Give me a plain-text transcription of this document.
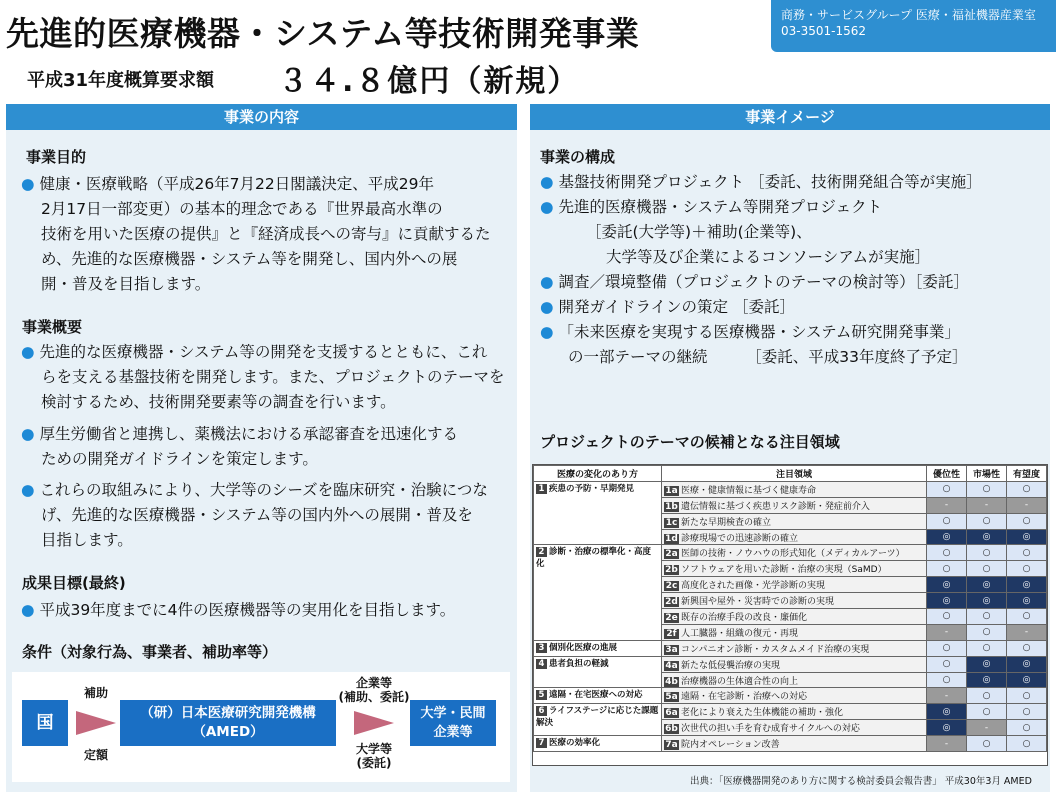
先進的医療機器・システム等技術開発事業
平成31年度概算要求額 ３４.８億円（新規）
商務・サービスグループ 医療・福祉機器産業室
03-3501-1562
事業の内容
事業目的
● 健康・医療戦略（平成26年7月22日閣議決定、平成29年
2月17日一部変更）の基本的理念である『世界最高水準の
技術を用いた医療の提供』と『経済成長への寄与』に貢献するた
め、先進的な医療機器・システム等を開発し、国内外への展
開・普及を目指します。
事業概要
● 先進的な医療機器・システム等の開発を支援するとともに、これ
らを支える基盤技術を開発します。また、プロジェクトのテーマを
検討するため、技術開発要素等の調査を行います。
● 厚生労働省と連携し、薬機法における承認審査を迅速化する
ための開発ガイドラインを策定します。
● これらの取組みにより、大学等のシーズを臨床研究・治験につな
げ、先進的な医療機器・システム等の国内外への展開・普及を
目指します。
成果目標(最終)
● 平成39年度までに4件の医療機器等の実用化を目指します。
条件（対象行為、事業者、補助率等）
国
補助
定額
（研）日本医療研究開発機構
（AMED）
企業等
(補助、委託)
大学等
(委託)
大学・民間
企業等
事業イメージ
事業の構成
● 基盤技術開発プロジェクト ［委託、技術開発組合等が実施］
● 先進的医療機器・システム等開発プロジェクト
［委託(大学等)＋補助(企業等)、
大学等及び企業によるコンソーシアムが実施］
● 調査／環境整備（プロジェクトのテーマの検討等）［委託］
● 開発ガイドラインの策定 ［委託］
● 「未来医療を実現する医療機器・システム研究開発事業」
の一部テーマの継続　　　［委託、平成33年度終了予定］
プロジェクトのテーマの候補となる注目領域
医療の変化のあり方	注目領域	優位性	市場性	有望度
1 疾患の予防・早期発見	1a 医療・健康情報に基づく健康寿命	○	○	○
	1b 遺伝情報に基づく疾患リスク診断・発症前介入	-	-	-
	1c 新たな早期検査の確立	○	○	○
	1d 診療現場での迅速診断の確立	◎	◎	◎
2 診断・治療の標準化・高度化	2a 医師の技術・ノウハウの形式知化（メディカルアーツ）	○	○	○
	2b ソフトウェアを用いた診断・治療の実現（SaMD）	○	○	○
	2c 高度化された画像・光学診断の実現	◎	◎	◎
	2d 新興国や屋外・災害時での診断の実現	◎	◎	◎
	2e 既存の治療手段の改良・廉価化	○	○	○
	2f 人工臓器・組織の復元・再現	-	○	-
3 個別化医療の進展	3a コンパニオン診断・カスタムメイド治療の実現	○	○	○
4 患者負担の軽減	4a 新たな低侵襲治療の実現	○	◎	◎
	4b 治療機器の生体適合性の向上	○	◎	◎
5 遠隔・在宅医療への対応	5a 遠隔・在宅診断・治療への対応	-	○	○
6 ライフステージに応じた課題解決	6a 老化により衰えた生体機能の補助・強化	◎	○	○
	6b 次世代の担い手を育む成育サイクルへの対応	◎	-	○
7 医療の効率化	7a 院内オペレーション改善	-	○	○
出典：「医療機器開発のあり方に関する検討委員会報告書」 平成30年3月 AMED
